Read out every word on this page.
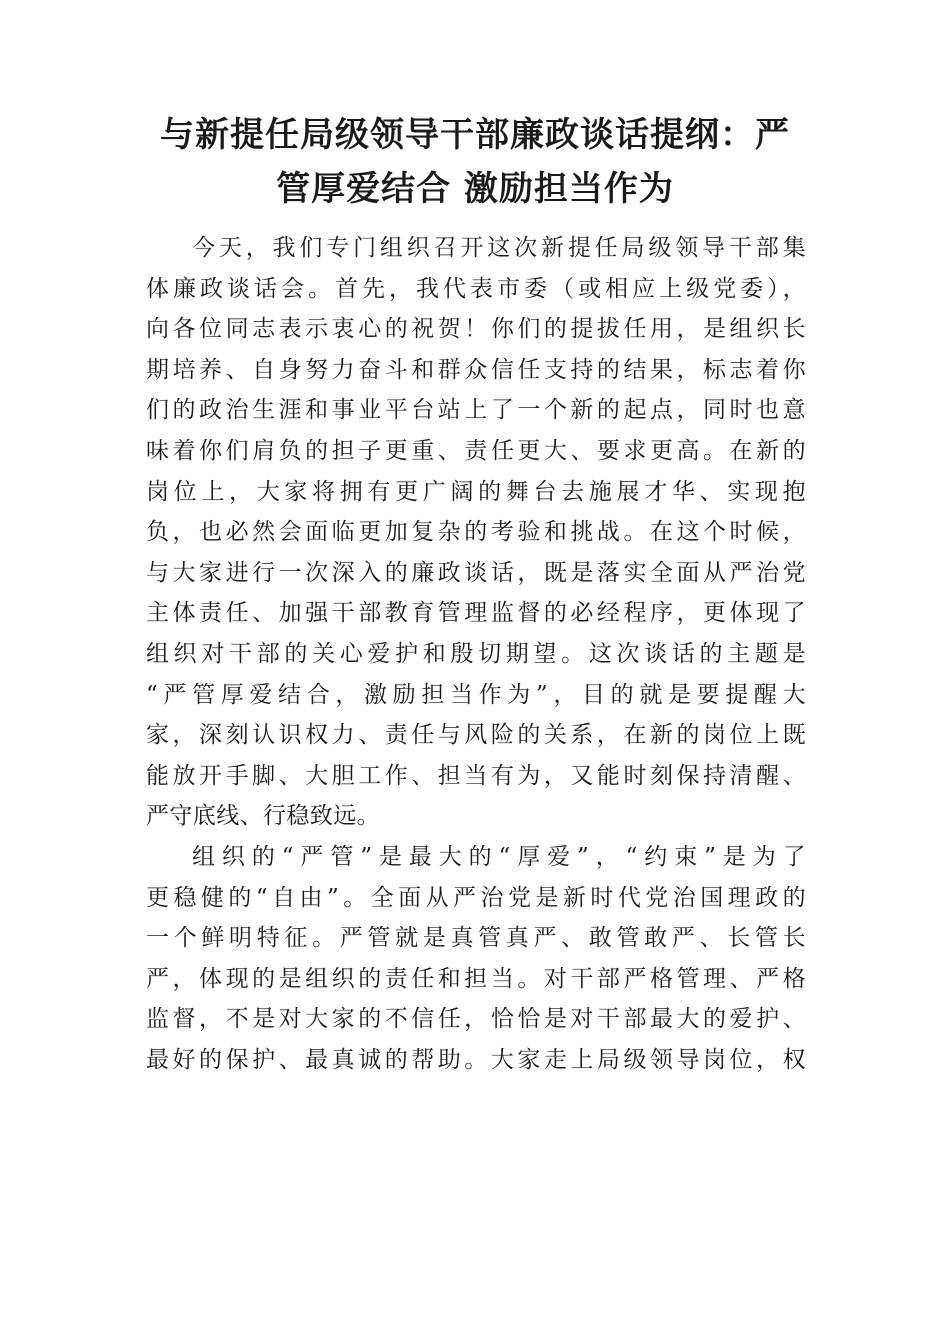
与新提任局级领导干部廉政谈话提纲：严
管厚爱结合 激励担当作为

今天，我们专门组织召开这次新提任局级领导干部集
体廉政谈话会。首先，我代表市委（或相应上级党委），
向各位同志表示衷心的祝贺！你们的提拔任用，是组织长
期培养、自身努力奋斗和群众信任支持的结果，标志着你
们的政治生涯和事业平台站上了一个新的起点，同时也意
味着你们肩负的担子更重、责任更大、要求更高。在新的
岗位上，大家将拥有更广阔的舞台去施展才华、实现抱
负，也必然会面临更加复杂的考验和挑战。在这个时候，
与大家进行一次深入的廉政谈话，既是落实全面从严治党
主体责任、加强干部教育管理监督的必经程序，更体现了
组织对干部的关心爱护和殷切期望。这次谈话的主题是
“严管厚爱结合，激励担当作为”，目的就是要提醒大
家，深刻认识权力、责任与风险的关系，在新的岗位上既
能放开手脚、大胆工作、担当有为，又能时刻保持清醒、
严守底线、行稳致远。

组织的“严管”是最大的“厚爱”，“约束”是为了
更稳健的“自由”。全面从严治党是新时代党治国理政的
一个鲜明特征。严管就是真管真严、敢管敢严、长管长
严，体现的是组织的责任和担当。对干部严格管理、严格
监督，不是对大家的不信任，恰恰是对干部最大的爱护、
最好的保护、最真诚的帮助。大家走上局级领导岗位，权
